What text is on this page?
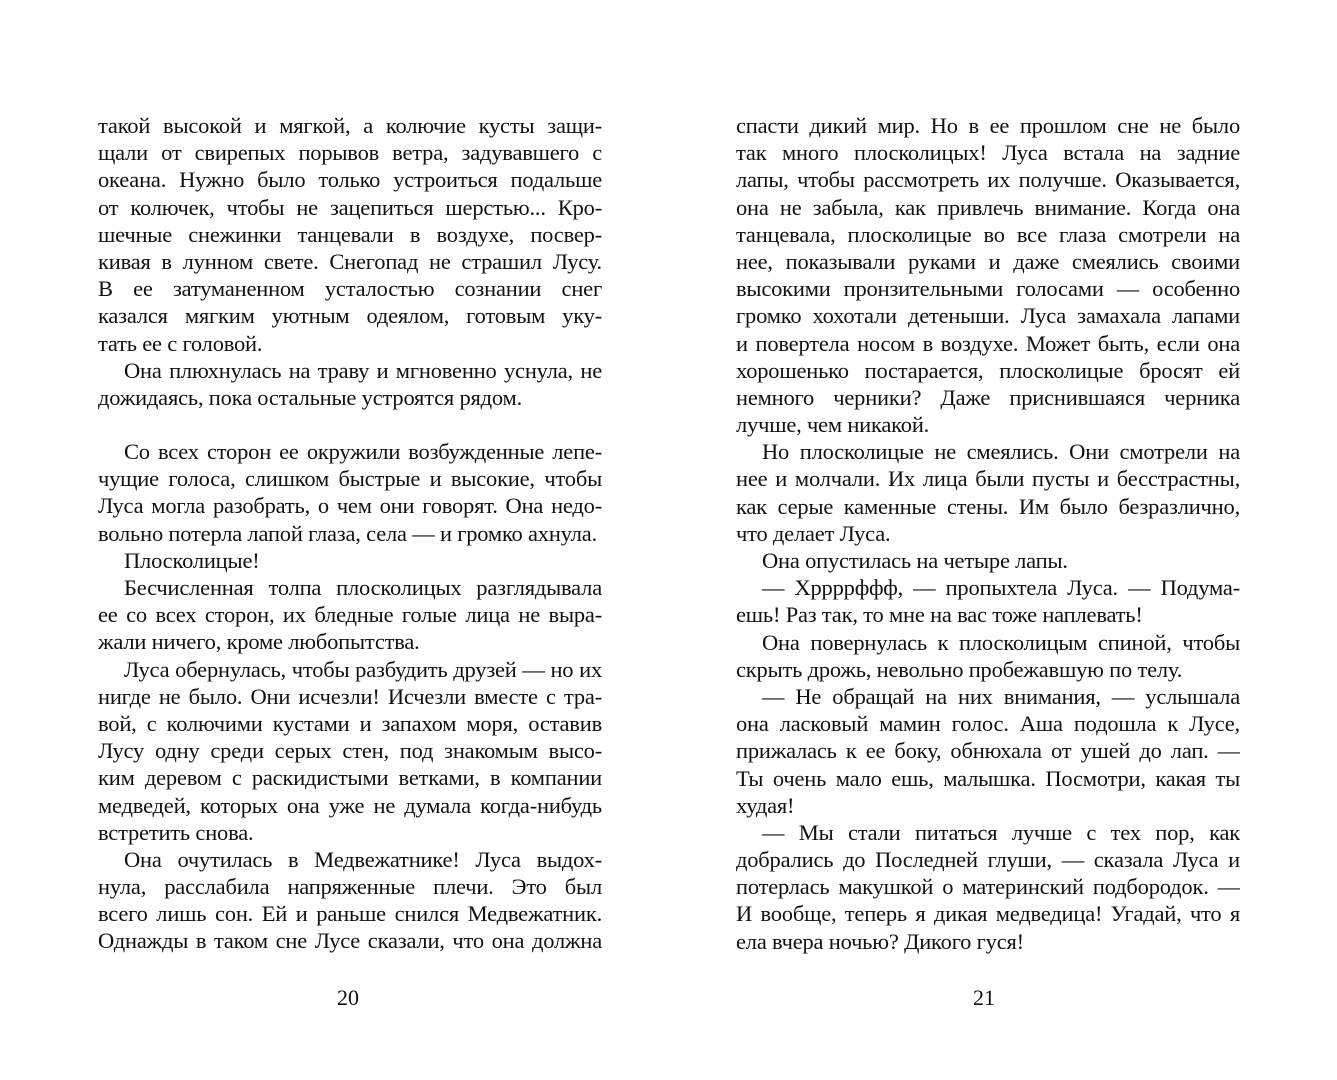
такой высокой и мягкой, а колючие кусты защи-
щали от свирепых порывов ветра, задувавшего с
океана. Нужно было только устроиться подальше
от колючек, чтобы не зацепиться шерстью... Кро-
шечные снежинки танцевали в воздухе, посвер-
кивая в лунном свете. Снегопад не страшил Лусу.
В ее затуманенном усталостью сознании снег
казался мягким уютным одеялом, готовым уку-
тать ее с головой.
Она плюхнулась на траву и мгновенно уснула, не
дожидаясь, пока остальные устроятся рядом.
Со всех сторон ее окружили возбужденные лепе-
чущие голоса, слишком быстрые и высокие, чтобы
Луса могла разобрать, о чем они говорят. Она недо-
вольно потерла лапой глаза, села — и громко ахнула.
Плосколицые!
Бесчисленная толпа плосколицых разглядывала
ее со всех сторон, их бледные голые лица не выра-
жали ничего, кроме любопытства.
Луса обернулась, чтобы разбудить друзей — но их
нигде не было. Они исчезли! Исчезли вместе с тра-
вой, с колючими кустами и запахом моря, оставив
Лусу одну среди серых стен, под знакомым высо-
ким деревом с раскидистыми ветками, в компании
медведей, которых она уже не думала когда-нибудь
встретить снова.
Она очутилась в Медвежатнике! Луса выдох-
нула, расслабила напряженные плечи. Это был
всего лишь сон. Ей и раньше снился Медвежатник.
Однажды в таком сне Лусе сказали, что она должна
20
спасти дикий мир. Но в ее прошлом сне не было
так много плосколицых! Луса встала на задние
лапы, чтобы рассмотреть их получше. Оказывается,
она не забыла, как привлечь внимание. Когда она
танцевала, плосколицые во все глаза смотрели на
нее, показывали руками и даже смеялись своими
высокими пронзительными голосами — особенно
громко хохотали детеныши. Луса замахала лапами
и повертела носом в воздухе. Может быть, если она
хорошенько постарается, плосколицые бросят ей
немного черники? Даже приснившаяся черника
лучше, чем никакой.
Но плосколицые не смеялись. Они смотрели на
нее и молчали. Их лица были пусты и бесстрастны,
как серые каменные стены. Им было безразлично,
что делает Луса.
Она опустилась на четыре лапы.
— Хррррффф, — пропыхтела Луса. — Подума-
ешь! Раз так, то мне на вас тоже наплевать!
Она повернулась к плосколицым спиной, чтобы
скрыть дрожь, невольно пробежавшую по телу.
— Не обращай на них внимания, — услышала
она ласковый мамин голос. Аша подошла к Лусе,
прижалась к ее боку, обнюхала от ушей до лап. —
Ты очень мало ешь, малышка. Посмотри, какая ты
худая!
— Мы стали питаться лучше с тех пор, как
добрались до Последней глуши, — сказала Луса и
потерлась макушкой о материнский подбородок. —
И вообще, теперь я дикая медведица! Угадай, что я
ела вчера ночью? Дикого гуся!
21
